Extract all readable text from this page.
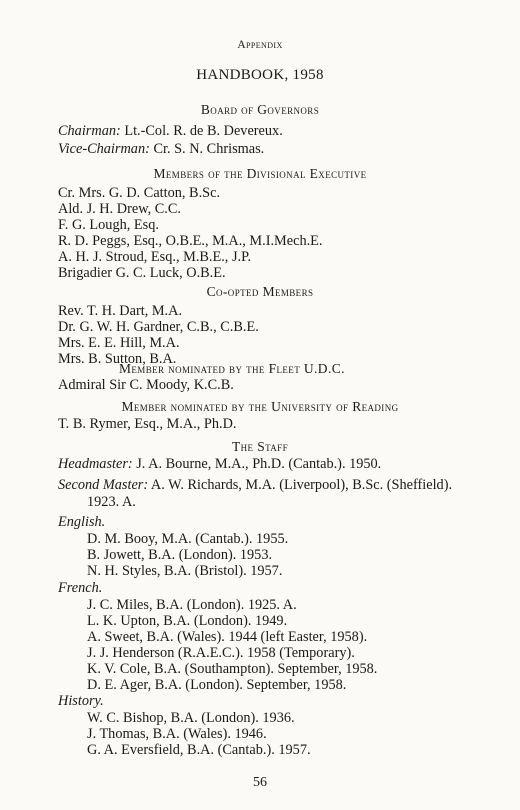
Appendix
HANDBOOK, 1958
Board of Governors
Chairman: Lt.-Col. R. de B. Devereux.
Vice-Chairman: Cr. S. N. Chrismas.
Members of the Divisional Executive
Cr. Mrs. G. D. Catton, B.Sc.
Ald. J. H. Drew, C.C.
F. G. Lough, Esq.
R. D. Peggs, Esq., O.B.E., M.A., M.I.Mech.E.
A. H. J. Stroud, Esq., M.B.E., J.P.
Brigadier G. C. Luck, O.B.E.
Co-opted Members
Rev. T. H. Dart, M.A.
Dr. G. W. H. Gardner, C.B., C.B.E.
Mrs. E. E. Hill, M.A.
Mrs. B. Sutton, B.A.
Member nominated by the Fleet U.D.C.
Admiral Sir C. Moody, K.C.B.
Member nominated by the University of Reading
T. B. Rymer, Esq., M.A., Ph.D.
The Staff
Headmaster: J. A. Bourne, M.A., Ph.D. (Cantab.). 1950.
Second Master: A. W. Richards, M.A. (Liverpool), B.Sc. (Sheffield).
1923. A.
English.
D. M. Booy, M.A. (Cantab.). 1955.
B. Jowett, B.A. (London). 1953.
N. H. Styles, B.A. (Bristol). 1957.
French.
J. C. Miles, B.A. (London). 1925. A.
L. K. Upton, B.A. (London). 1949.
A. Sweet, B.A. (Wales). 1944 (left Easter, 1958).
J. J. Henderson (R.A.E.C.). 1958 (Temporary).
K. V. Cole, B.A. (Southampton). September, 1958.
D. E. Ager, B.A. (London). September, 1958.
History.
W. C. Bishop, B.A. (London). 1936.
J. Thomas, B.A. (Wales). 1946.
G. A. Eversfield, B.A. (Cantab.). 1957.
56
